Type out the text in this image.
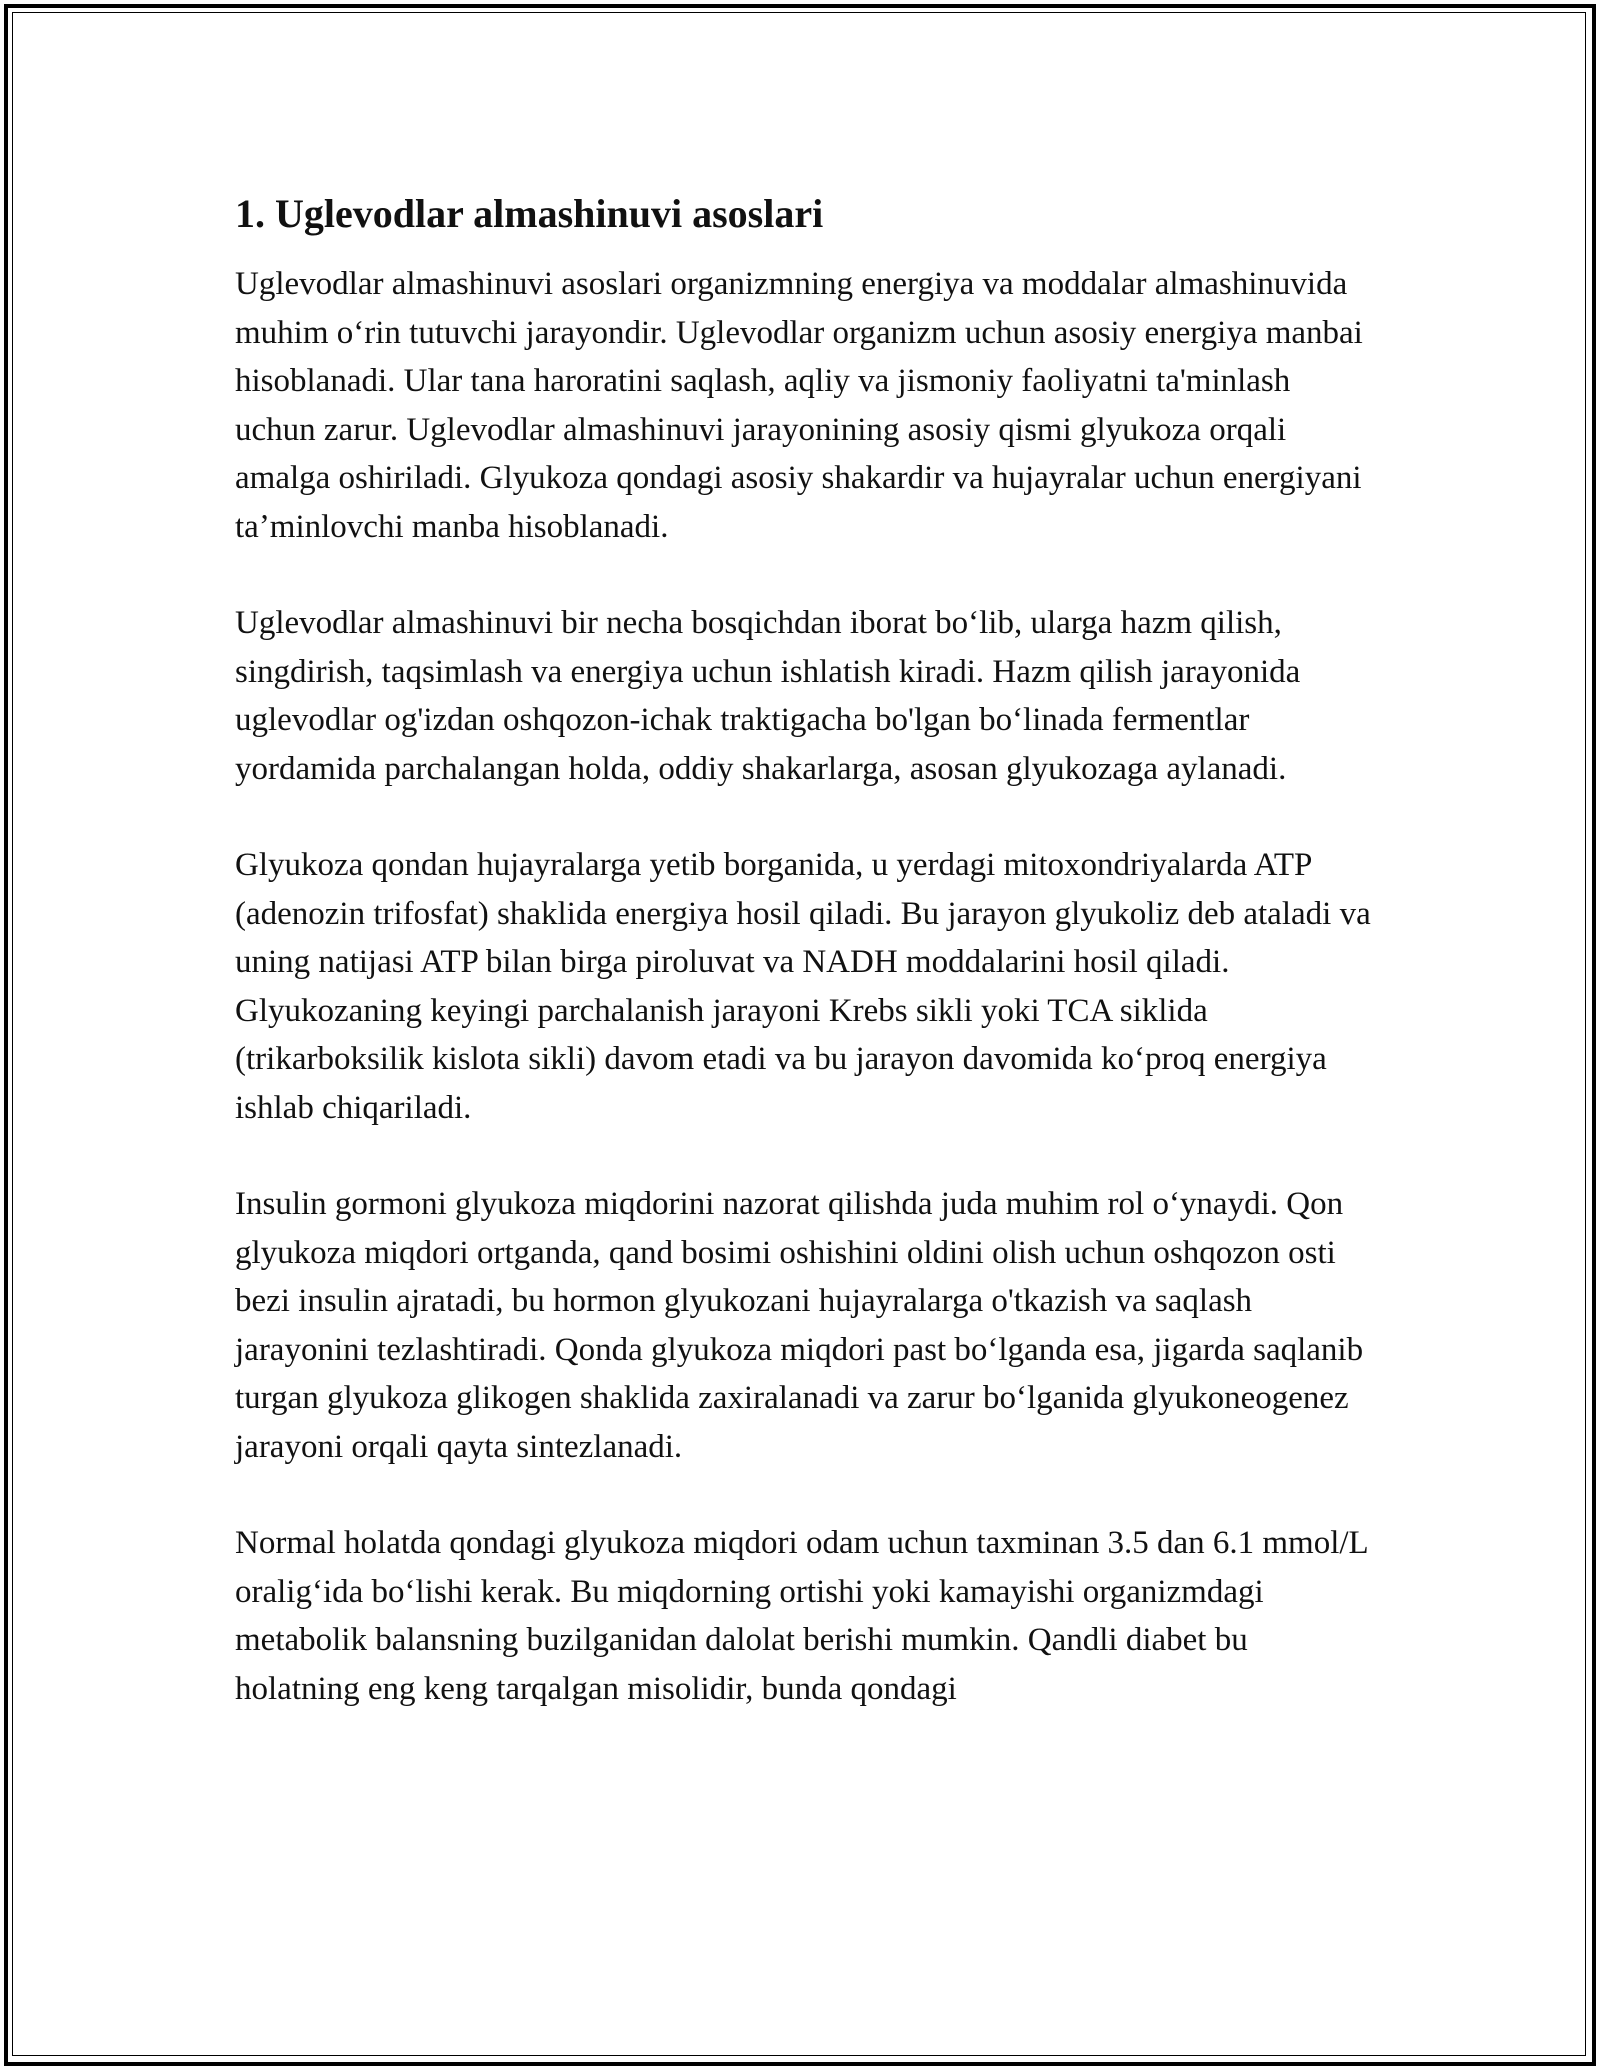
1. Uglevodlar almashinuvi asoslari

Uglevodlar almashinuvi asoslari organizmning energiya va moddalar almashinuvida muhim oʻrin tutuvchi jarayondir. Uglevodlar organizm uchun asosiy energiya manbai hisoblanadi. Ular tana haroratini saqlash, aqliy va jismoniy faoliyatni ta'minlash uchun zarur. Uglevodlar almashinuvi jarayonining asosiy qismi glyukoza orqali amalga oshiriladi. Glyukoza qondagi asosiy shakardir va hujayralar uchun energiyani taʼminlovchi manba hisoblanadi.

Uglevodlar almashinuvi bir necha bosqichdan iborat boʻlib, ularga hazm qilish, singdirish, taqsimlash va energiya uchun ishlatish kiradi. Hazm qilish jarayonida uglevodlar og'izdan oshqozon-ichak traktigacha bo'lgan boʻlinada fermentlar yordamida parchalangan holda, oddiy shakarlarga, asosan glyukozaga aylanadi.

Glyukoza qondan hujayralarga yetib borganida, u yerdagi mitoxondriyalarda ATP (adenozin trifosfat) shaklida energiya hosil qiladi. Bu jarayon glyukoliz deb ataladi va uning natijasi ATP bilan birga piroluvat va NADH moddalarini hosil qiladi. Glyukozaning keyingi parchalanish jarayoni Krebs sikli yoki TCA siklida (trikarboksilik kislota sikli) davom etadi va bu jarayon davomida koʻproq energiya ishlab chiqariladi.

Insulin gormoni glyukoza miqdorini nazorat qilishda juda muhim rol oʻynaydi. Qon glyukoza miqdori ortganda, qand bosimi oshishini oldini olish uchun oshqozon osti bezi insulin ajratadi, bu hormon glyukozani hujayralarga o'tkazish va saqlash jarayonini tezlashtiradi. Qonda glyukoza miqdori past boʻlganda esa, jigarda saqlanib turgan glyukoza glikogen shaklida zaxiralanadi va zarur boʻlganida glyukoneogenez jarayoni orqali qayta sintezlanadi.

Normal holatda qondagi glyukoza miqdori odam uchun taxminan 3.5 dan 6.1 mmol/L oraligʻida boʻlishi kerak. Bu miqdorning ortishi yoki kamayishi organizmdagi metabolik balansning buzilganidan dalolat berishi mumkin. Qandli diabet bu holatning eng keng tarqalgan misolidir, bunda qondagi
